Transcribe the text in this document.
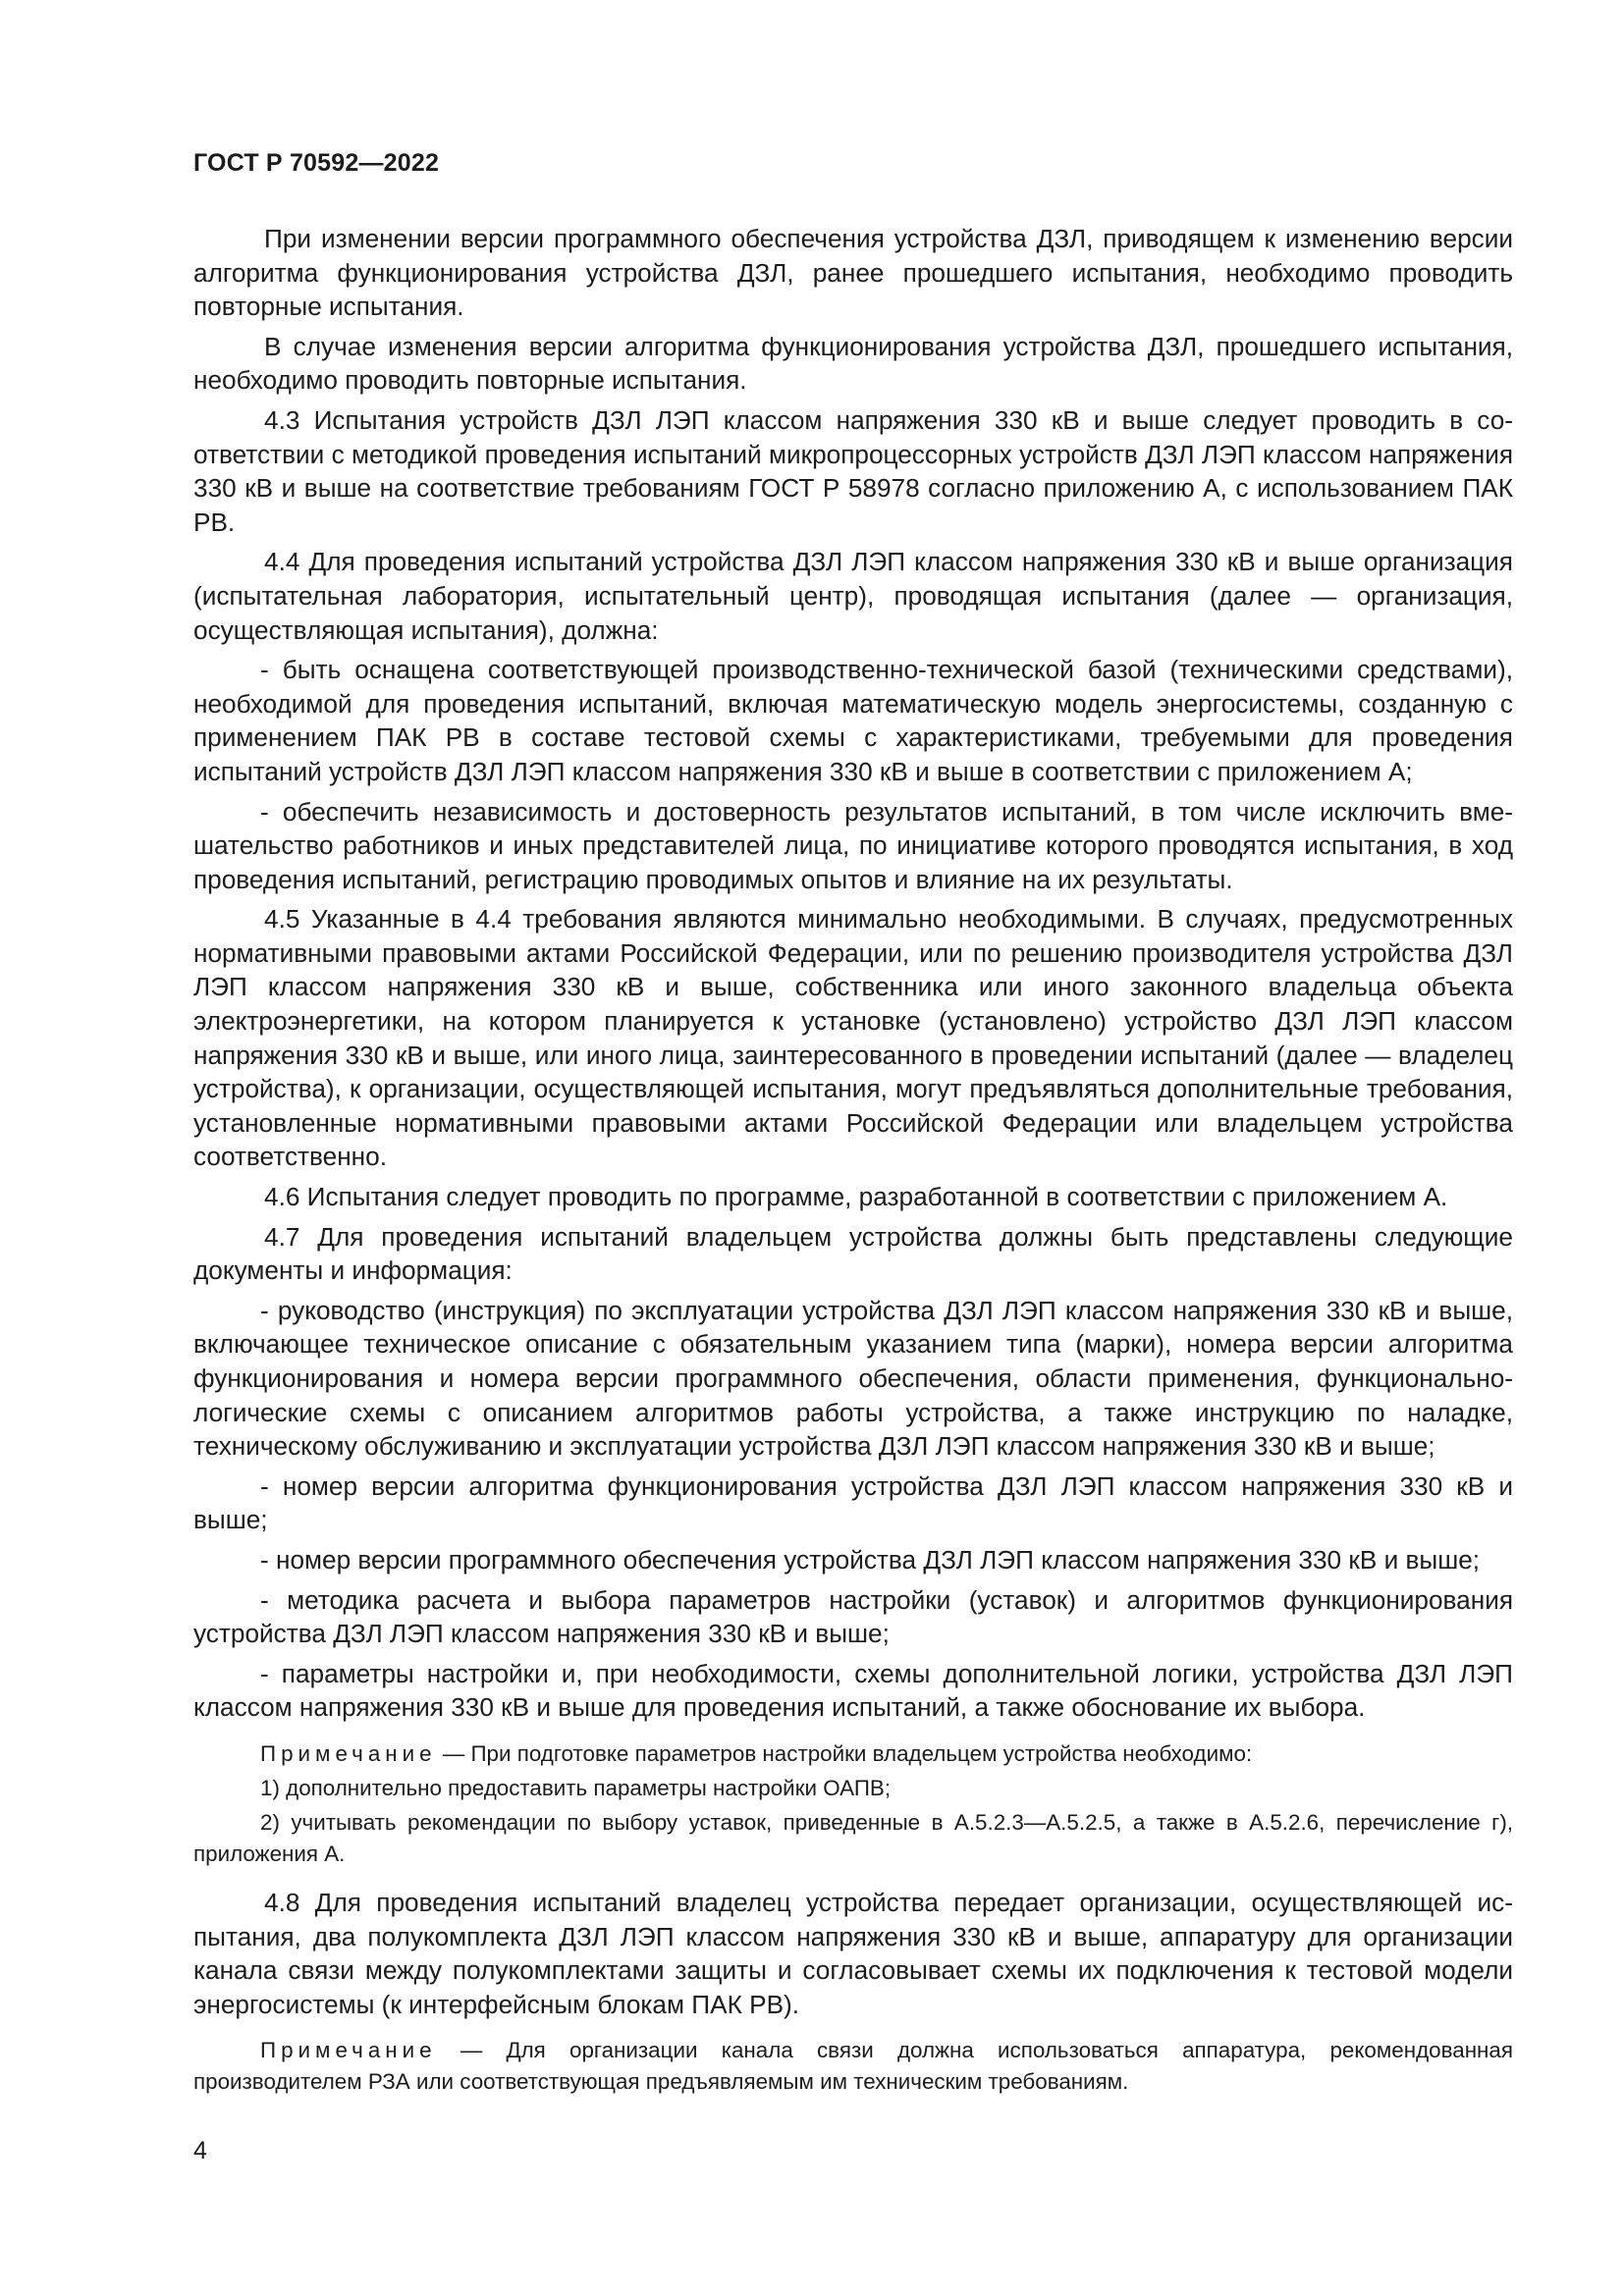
ГОСТ Р 70592—2022

При изменении версии программного обеспечения устройства ДЗЛ, приводящем к изменению версии алгоритма функционирования устройства ДЗЛ, ранее прошедшего испытания, необходимо проводить повторные испытания.

В случае изменения версии алгоритма функционирования устройства ДЗЛ, прошедшего испытания, необходимо проводить повторные испытания.

4.3 Испытания устройств ДЗЛ ЛЭП классом напряжения 330 кВ и выше следует проводить в соответствии с методикой проведения испытаний микропроцессорных устройств ДЗЛ ЛЭП классом напряжения 330 кВ и выше на соответствие требованиям ГОСТ Р 58978 согласно приложению А, с использованием ПАК РВ.

4.4 Для проведения испытаний устройства ДЗЛ ЛЭП классом напряжения 330 кВ и выше организация (испытательная лаборатория, испытательный центр), проводящая испытания (далее — организация, осуществляющая испытания), должна:

- быть оснащена соответствующей производственно-технической базой (техническими средствами), необходимой для проведения испытаний, включая математическую модель энергосистемы, созданную с применением ПАК РВ в составе тестовой схемы с характеристиками, требуемыми для проведения испытаний устройств ДЗЛ ЛЭП классом напряжения 330 кВ и выше в соответствии с приложением А;

- обеспечить независимость и достоверность результатов испытаний, в том числе исключить вмешательство работников и иных представителей лица, по инициативе которого проводятся испытания, в ход проведения испытаний, регистрацию проводимых опытов и влияние на их результаты.

4.5 Указанные в 4.4 требования являются минимально необходимыми. В случаях, предусмотренных нормативными правовыми актами Российской Федерации, или по решению производителя устройства ДЗЛ ЛЭП классом напряжения 330 кВ и выше, собственника или иного законного владельца объекта электроэнергетики, на котором планируется к установке (установлено) устройство ДЗЛ ЛЭП классом напряжения 330 кВ и выше, или иного лица, заинтересованного в проведении испытаний (далее — владелец устройства), к организации, осуществляющей испытания, могут предъявляться дополнительные требования, установленные нормативными правовыми актами Российской Федерации или владельцем устройства соответственно.

4.6 Испытания следует проводить по программе, разработанной в соответствии с приложением А.

4.7 Для проведения испытаний владельцем устройства должны быть представлены следующие документы и информация:

- руководство (инструкция) по эксплуатации устройства ДЗЛ ЛЭП классом напряжения 330 кВ и выше, включающее техническое описание с обязательным указанием типа (марки), номера версии алгоритма функционирования и номера версии программного обеспечения, области применения, функционально-логические схемы с описанием алгоритмов работы устройства, а также инструкцию по наладке, техническому обслуживанию и эксплуатации устройства ДЗЛ ЛЭП классом напряжения 330 кВ и выше;

- номер версии алгоритма функционирования устройства ДЗЛ ЛЭП классом напряжения 330 кВ и выше;

- номер версии программного обеспечения устройства ДЗЛ ЛЭП классом напряжения 330 кВ и выше;

- методика расчета и выбора параметров настройки (уставок) и алгоритмов функционирования устройства ДЗЛ ЛЭП классом напряжения 330 кВ и выше;

- параметры настройки и, при необходимости, схемы дополнительной логики, устройства ДЗЛ ЛЭП классом напряжения 330 кВ и выше для проведения испытаний, а также обоснование их выбора.

Примечание — При подготовке параметров настройки владельцем устройства необходимо:

1) дополнительно предоставить параметры настройки ОАПВ;

2) учитывать рекомендации по выбору уставок, приведенные в А.5.2.3—А.5.2.5, а также в А.5.2.6, перечисление г), приложения А.

4.8 Для проведения испытаний владелец устройства передает организации, осуществляющей испытания, два полукомплекта ДЗЛ ЛЭП классом напряжения 330 кВ и выше, аппаратуру для организации канала связи между полукомплектами защиты и согласовывает схемы их подключения к тестовой модели энергосистемы (к интерфейсным блокам ПАК РВ).

Примечание — Для организации канала связи должна использоваться аппаратура, рекомендованная производителем РЗА или соответствующая предъявляемым им техническим требованиям.

4
